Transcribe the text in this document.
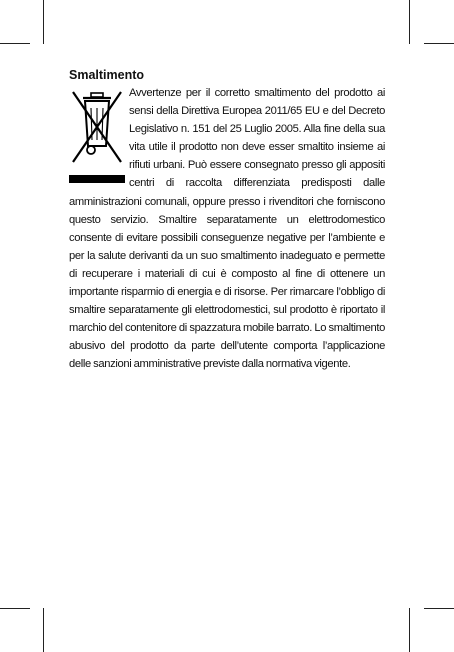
Smaltimento

Avvertenze per il corretto smaltimento del prodotto ai sensi della Direttiva Europea 2011/65 EU e del Decreto Legislativo n. 151 del 25 Luglio 2005. Alla fine della sua vita utile il prodotto non deve esser smaltito insieme ai rifiuti urbani. Può essere consegnato presso gli appositi centri di raccolta differenziata predisposti dalle amministrazioni comunali, oppure presso i rivenditori che forniscono questo servizio. Smaltire separatamente un elettrodomestico consente di evitare possibili conseguenze negative per l’ambiente e per la salute derivanti da un suo smaltimento inadeguato e permette di recuperare i materiali di cui è composto al fine di ottenere un importante risparmio di energia e di risorse. Per rimarcare l’obbligo di smaltire separatamente gli elettrodomestici, sul prodotto è riportato il marchio del contenitore di spazzatura mobile barrato. Lo smaltimento abusivo del prodotto da parte dell’utente comporta l’applicazione delle sanzioni amministrative previste dalla normativa vigente.
